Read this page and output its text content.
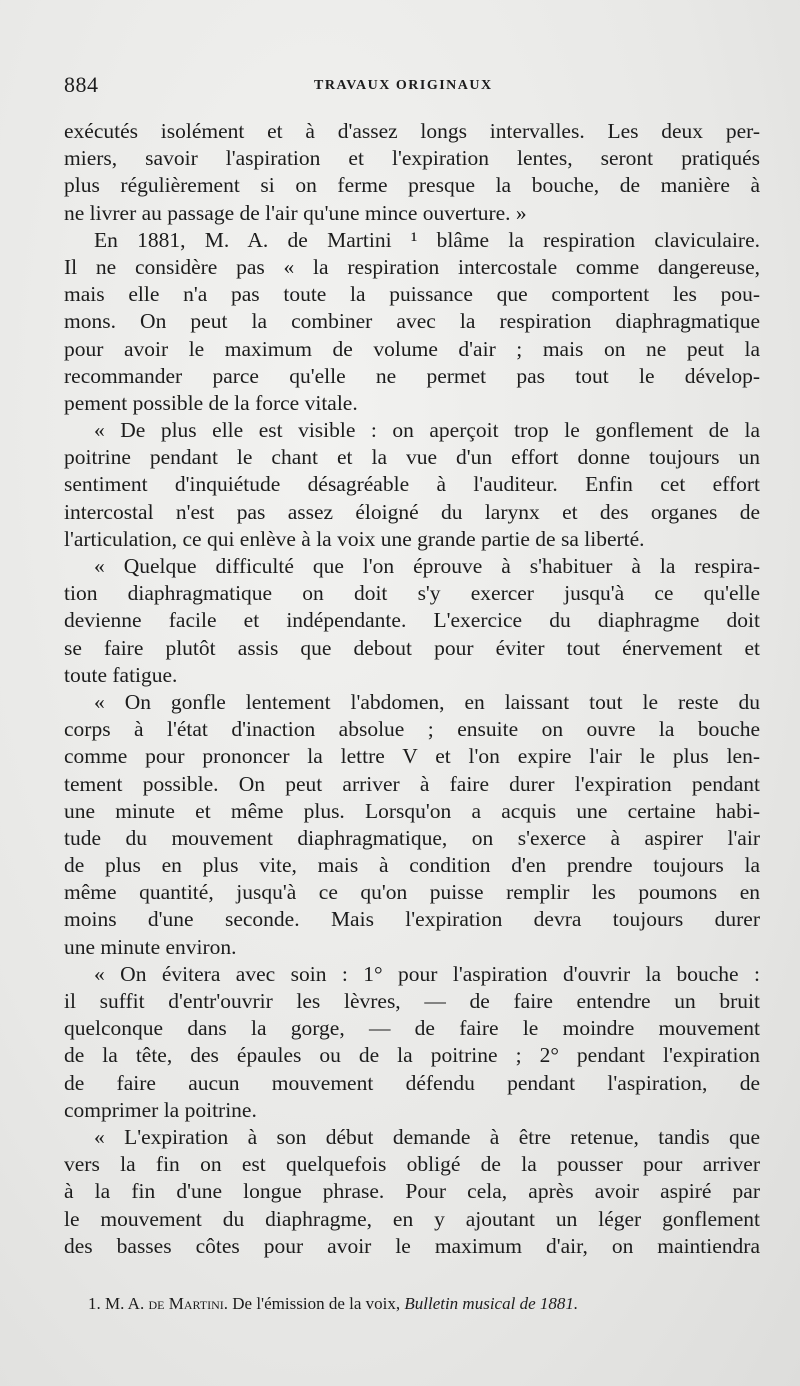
884	TRAVAUX ORIGINAUX
exécutés isolément et à d'assez longs intervalles. Les deux per-
miers, savoir l'aspiration et l'expiration lentes, seront pratiqués
plus régulièrement si on ferme presque la bouche, de manière à
ne livrer au passage de l'air qu'une mince ouverture. »
En 1881, M. A. de Martini ¹ blâme la respiration claviculaire.
Il ne considère pas « la respiration intercostale comme dangereuse,
mais elle n'a pas toute la puissance que comportent les pou-
mons. On peut la combiner avec la respiration diaphragmatique
pour avoir le maximum de volume d'air ; mais on ne peut la
recommander parce qu'elle ne permet pas tout le dévelop-
pement possible de la force vitale.
« De plus elle est visible : on aperçoit trop le gonflement de la
poitrine pendant le chant et la vue d'un effort donne toujours un
sentiment d'inquiétude désagréable à l'auditeur. Enfin cet effort
intercostal n'est pas assez éloigné du larynx et des organes de
l'articulation, ce qui enlève à la voix une grande partie de sa liberté.
« Quelque difficulté que l'on éprouve à s'habituer à la respira-
tion diaphragmatique on doit s'y exercer jusqu'à ce qu'elle
devienne facile et indépendante. L'exercice du diaphragme doit
se faire plutôt assis que debout pour éviter tout énervement et
toute fatigue.
« On gonfle lentement l'abdomen, en laissant tout le reste du
corps à l'état d'inaction absolue ; ensuite on ouvre la bouche
comme pour prononcer la lettre V et l'on expire l'air le plus len-
tement possible. On peut arriver à faire durer l'expiration pendant
une minute et même plus. Lorsqu'on a acquis une certaine habi-
tude du mouvement diaphragmatique, on s'exerce à aspirer l'air
de plus en plus vite, mais à condition d'en prendre toujours la
même quantité, jusqu'à ce qu'on puisse remplir les poumons en
moins d'une seconde. Mais l'expiration devra toujours durer
une minute environ.
« On évitera avec soin : 1° pour l'aspiration d'ouvrir la bouche :
il suffit d'entr'ouvrir les lèvres, — de faire entendre un bruit
quelconque dans la gorge, — de faire le moindre mouvement
de la tête, des épaules ou de la poitrine ; 2° pendant l'expiration
de faire aucun mouvement défendu pendant l'aspiration, de
comprimer la poitrine.
« L'expiration à son début demande à être retenue, tandis que
vers la fin on est quelquefois obligé de la pousser pour arriver
à la fin d'une longue phrase. Pour cela, après avoir aspiré par
le mouvement du diaphragme, en y ajoutant un léger gonflement
des basses côtes pour avoir le maximum d'air, on maintiendra
1. M. A. de Martini. De l'émission de la voix, Bulletin musical de 1881.
